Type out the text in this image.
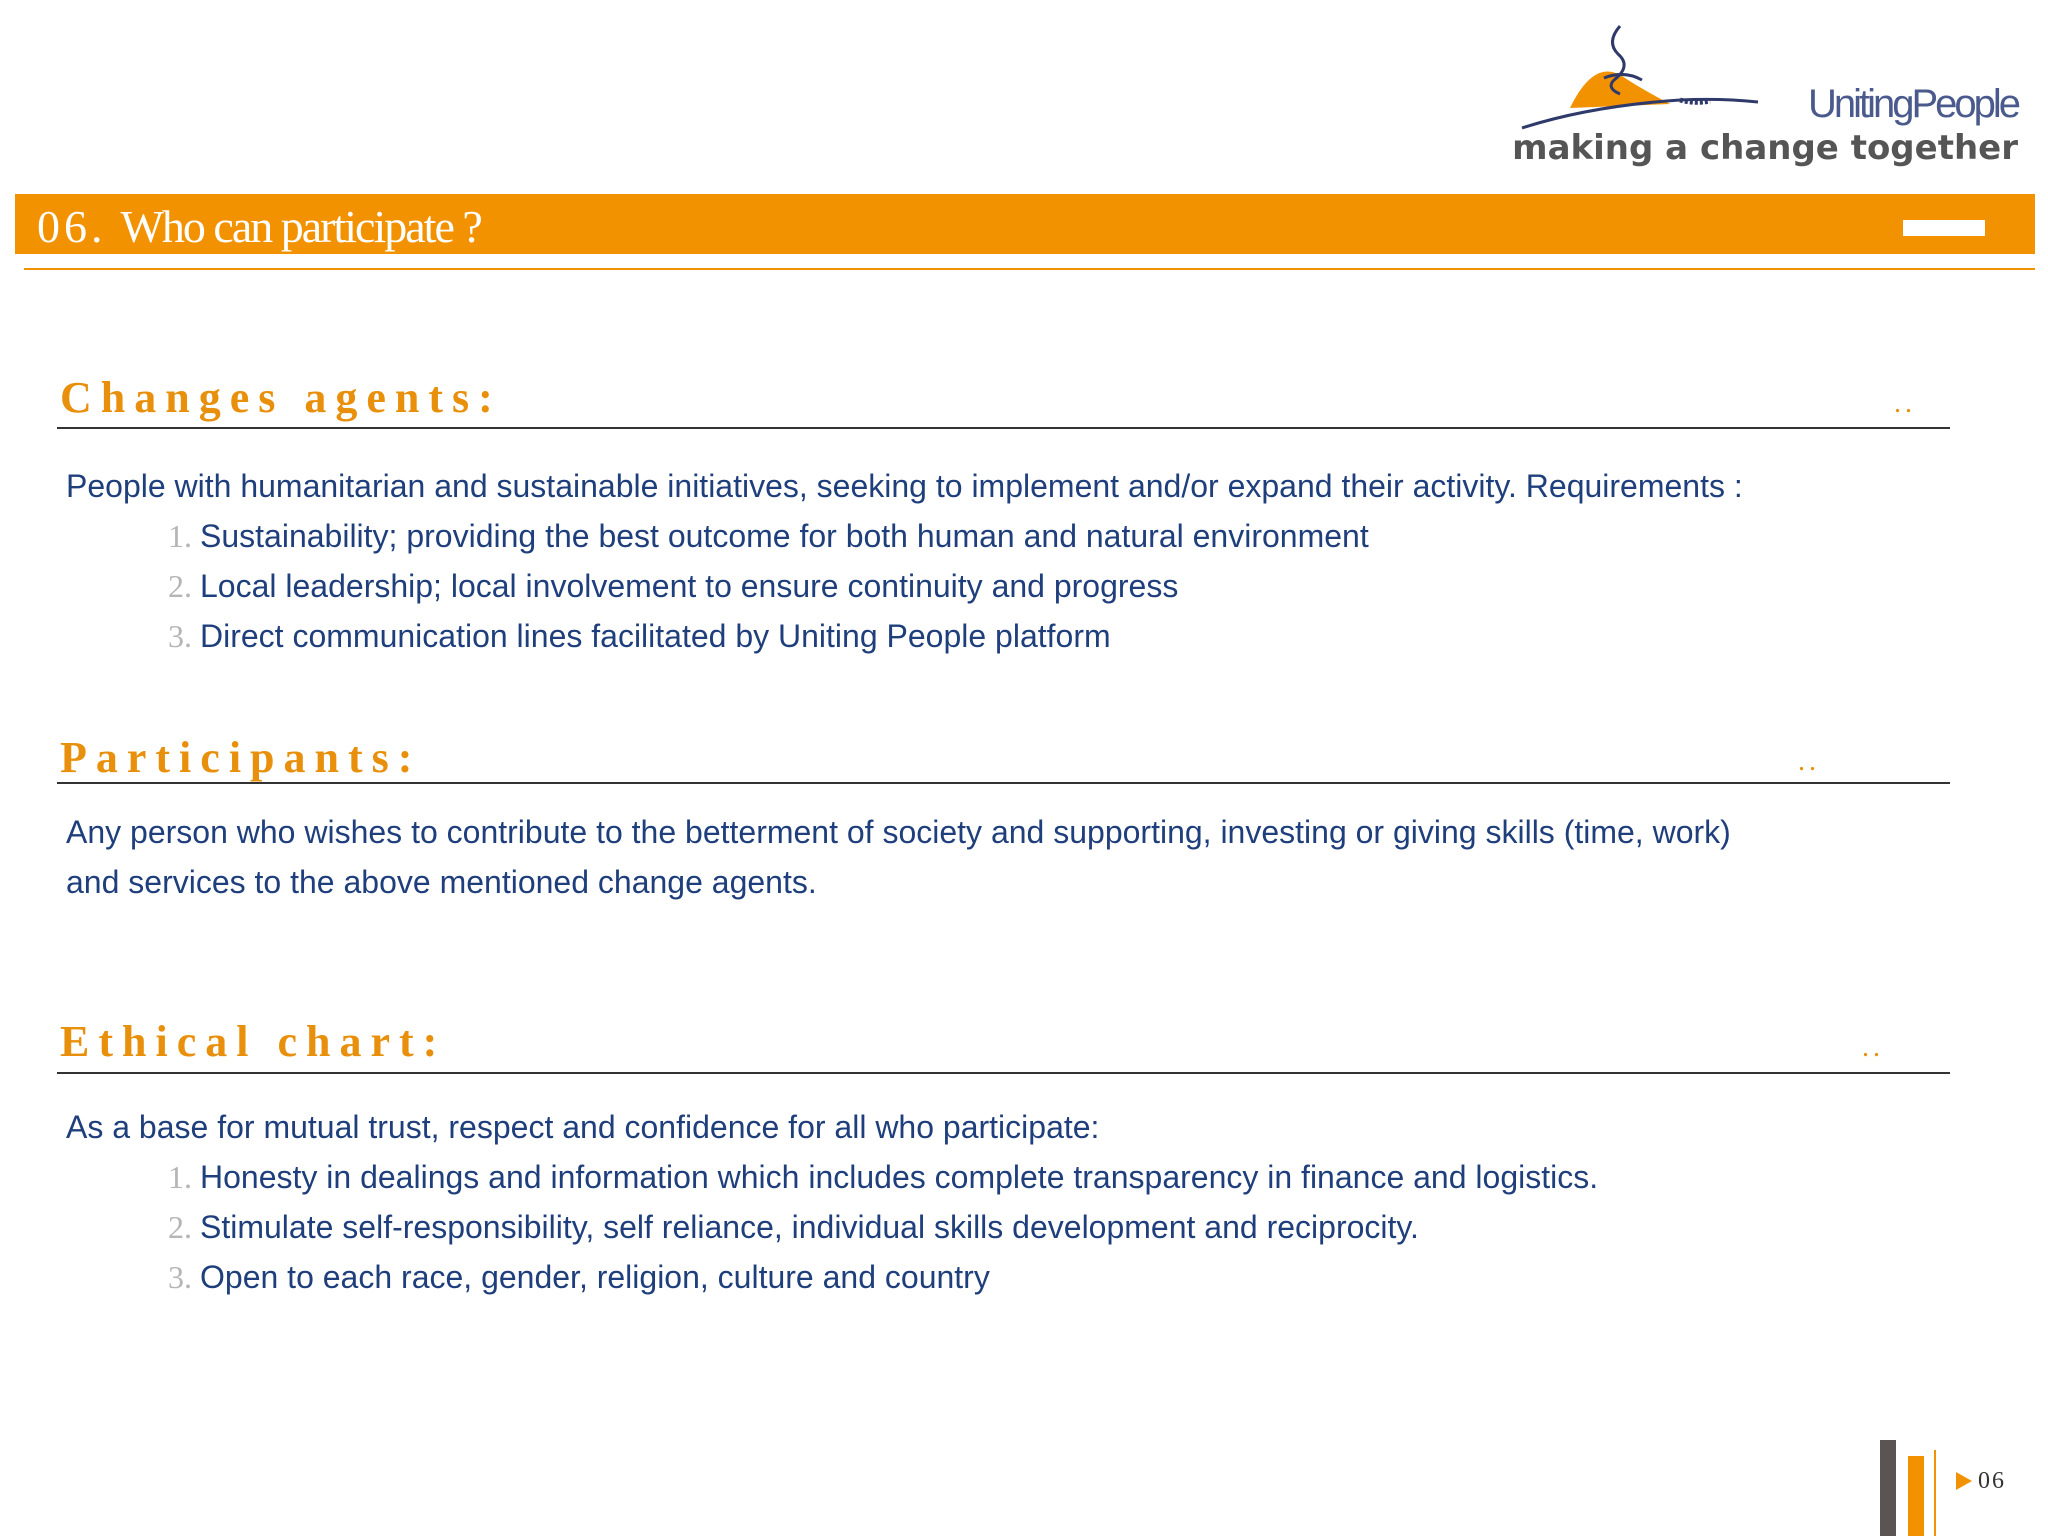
UnitingPeople
making a change together
06. Who can participate ?
Changes agents:	..
People with humanitarian and sustainable initiatives, seeking to implement and/or expand their activity. Requirements :
1. Sustainability; providing the best outcome for both human and natural environment
2. Local leadership; local involvement to ensure continuity and progress
3. Direct communication lines facilitated by Uniting People platform
Participants:	..
Any person who wishes to contribute to the betterment of society and supporting, investing or giving skills (time, work)
and services to the above mentioned change agents.
Ethical chart:	..
As a base for mutual trust, respect and confidence for all who participate:
1. Honesty in dealings and information which includes complete transparency in finance and logistics.
2. Stimulate self-responsibility, self reliance, individual skills development and reciprocity.
3. Open to each race, gender, religion, culture and country
06
